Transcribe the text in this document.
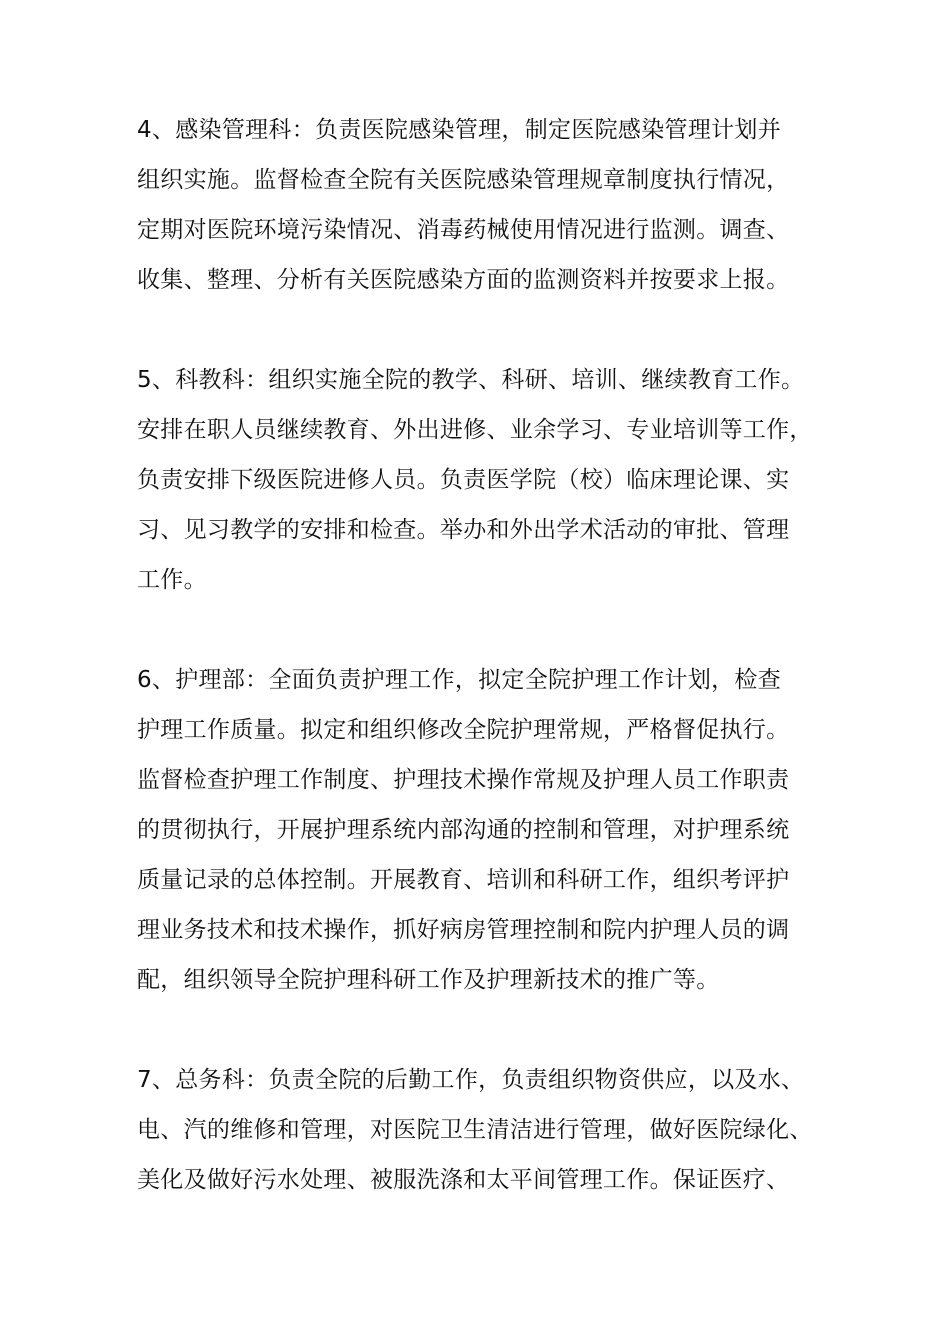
4、感染管理科：负责医院感染管理，制定医院感染管理计划并
组织实施。监督检查全院有关医院感染管理规章制度执行情况，
定期对医院环境污染情况、消毒药械使用情况进行监测。调查、
收集、整理、分析有关医院感染方面的监测资料并按要求上报。
5、科教科：组织实施全院的教学、科研、培训、继续教育工作。
安排在职人员继续教育、外出进修、业余学习、专业培训等工作，
负责安排下级医院进修人员。负责医学院（校）临床理论课、实
习、见习教学的安排和检查。举办和外出学术活动的审批、管理
工作。
6、护理部：全面负责护理工作，拟定全院护理工作计划，检查
护理工作质量。拟定和组织修改全院护理常规，严格督促执行。
监督检查护理工作制度、护理技术操作常规及护理人员工作职责
的贯彻执行，开展护理系统内部沟通的控制和管理，对护理系统
质量记录的总体控制。开展教育、培训和科研工作，组织考评护
理业务技术和技术操作，抓好病房管理控制和院内护理人员的调
配，组织领导全院护理科研工作及护理新技术的推广等。
7、总务科：负责全院的后勤工作，负责组织物资供应，以及水、
电、汽的维修和管理，对医院卫生清洁进行管理，做好医院绿化、
美化及做好污水处理、被服洗涤和太平间管理工作。保证医疗、
